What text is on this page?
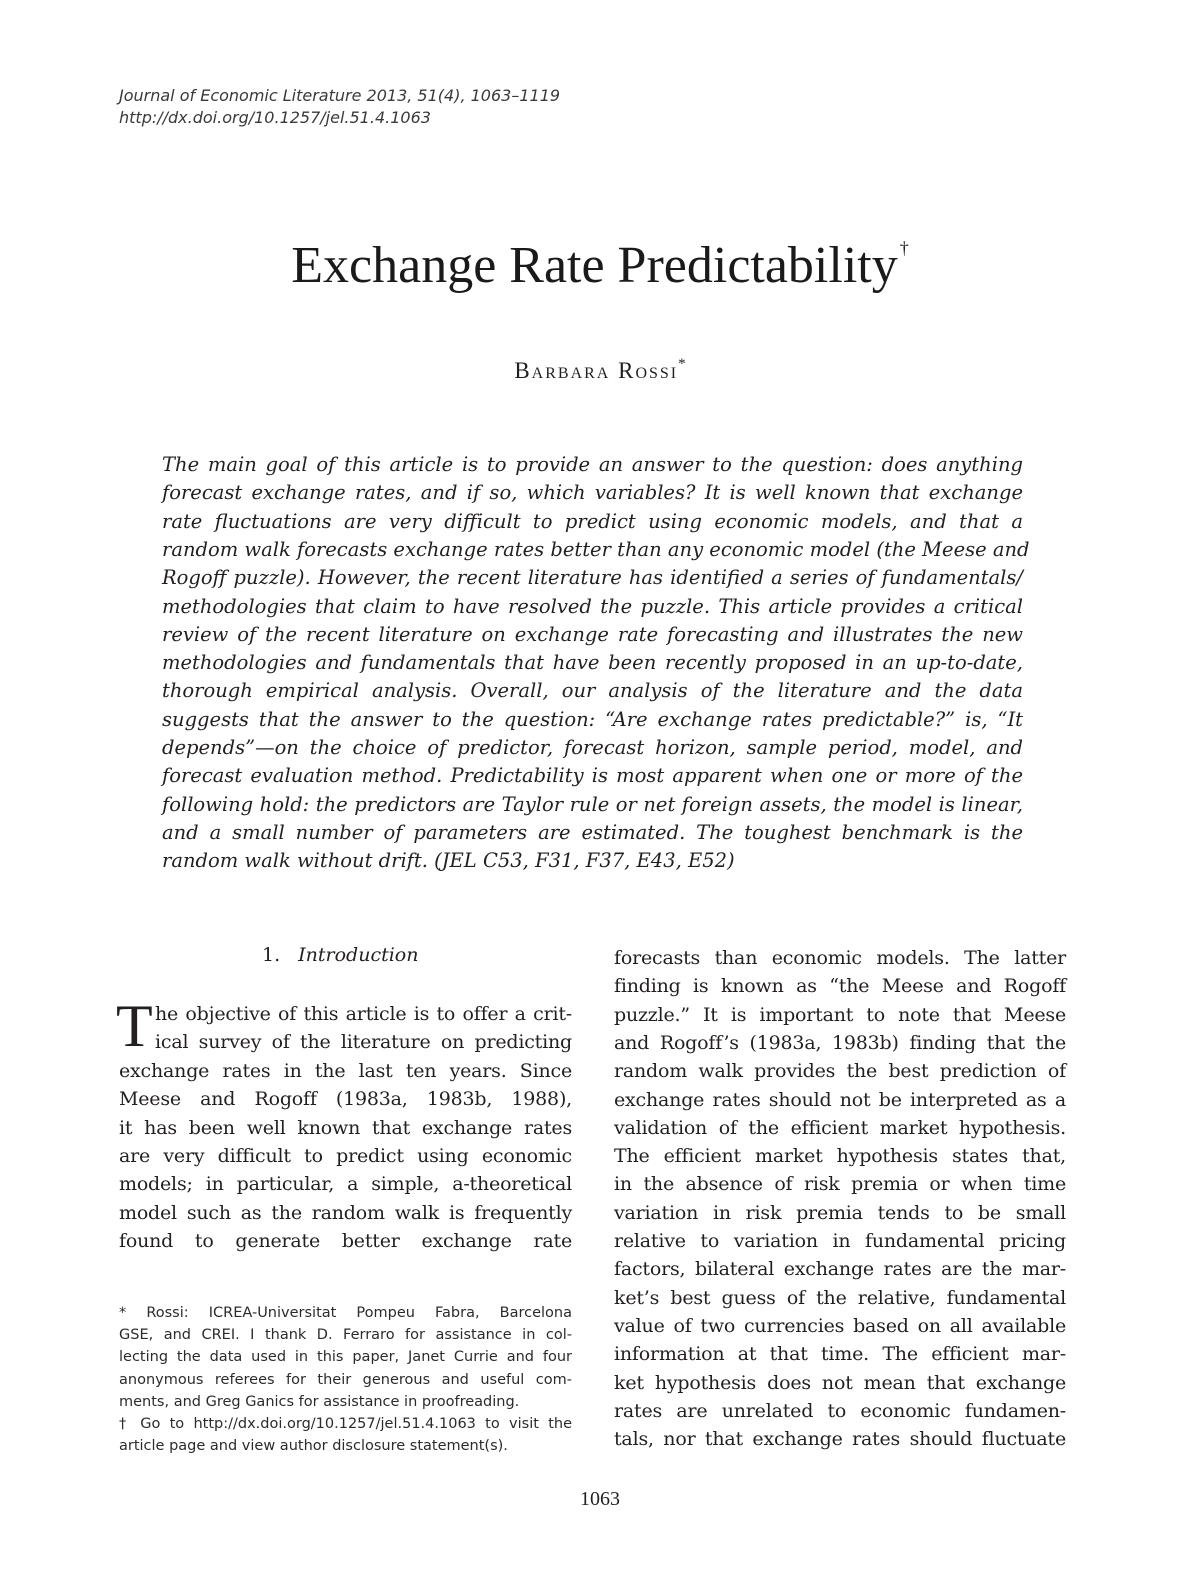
Journal of Economic Literature 2013, 51(4), 1063–1119
http://dx.doi.org/10.1257/jel.51.4.1063
Exchange Rate Predictability †
Barbara Rossi*
The main goal of this article is to provide an answer to the question: does anything
forecast exchange rates, and if so, which variables? It is well known that exchange
rate fluctuations are very difficult to predict using economic models, and that a
random walk forecasts exchange rates better than any economic model (the Meese and
Rogoff puzzle). However, the recent literature has identified a series of fundamentals/
methodologies that claim to have resolved the puzzle. This article provides a critical
review of the recent literature on exchange rate forecasting and illustrates the new
methodologies and fundamentals that have been recently proposed in an up-to-date,
thorough empirical analysis. Overall, our analysis of the literature and the data
suggests that the answer to the question: “Are exchange rates predictable?” is, “It
depends”—on the choice of predictor, forecast horizon, sample period, model, and
forecast evaluation method. Predictability is most apparent when one or more of the
following hold: the predictors are Taylor rule or net foreign assets, the model is linear,
and a small number of parameters are estimated. The toughest benchmark is the
random walk without drift. (JEL C53, F31, F37, E43, E52)
1. Introduction
T he objective of this article is to offer a crit-
ical survey of the literature on predicting
exchange rates in the last ten years. Since
Meese and Rogoff (1983a, 1983b, 1988),
it has been well known that exchange rates
are very difficult to predict using economic
models; in particular, a simple, a-theoretical
model such as the random walk is frequently
found to generate better exchange rate
* Rossi: ICREA-Universitat Pompeu Fabra, Barcelona
GSE, and CREI. I thank D. Ferraro for assistance in col-
lecting the data used in this paper, Janet Currie and four
anonymous referees for their generous and useful com-
ments, and Greg Ganics for assistance in proofreading.
† Go to http://dx.doi.org/10.1257/jel.51.4.1063 to visit the
article page and view author disclosure statement(s).
forecasts than economic models. The latter
finding is known as “the Meese and Rogoff
puzzle.” It is important to note that Meese
and Rogoff’s (1983a, 1983b) finding that the
random walk provides the best prediction of
exchange rates should not be interpreted as a
validation of the efficient market hypothesis.
The efficient market hypothesis states that,
in the absence of risk premia or when time
variation in risk premia tends to be small
relative to variation in fundamental pricing
factors, bilateral exchange rates are the mar-
ket’s best guess of the relative, fundamental
value of two currencies based on all available
information at that time. The efficient mar-
ket hypothesis does not mean that exchange
rates are unrelated to economic fundamen-
tals, nor that exchange rates should fluctuate
1063
